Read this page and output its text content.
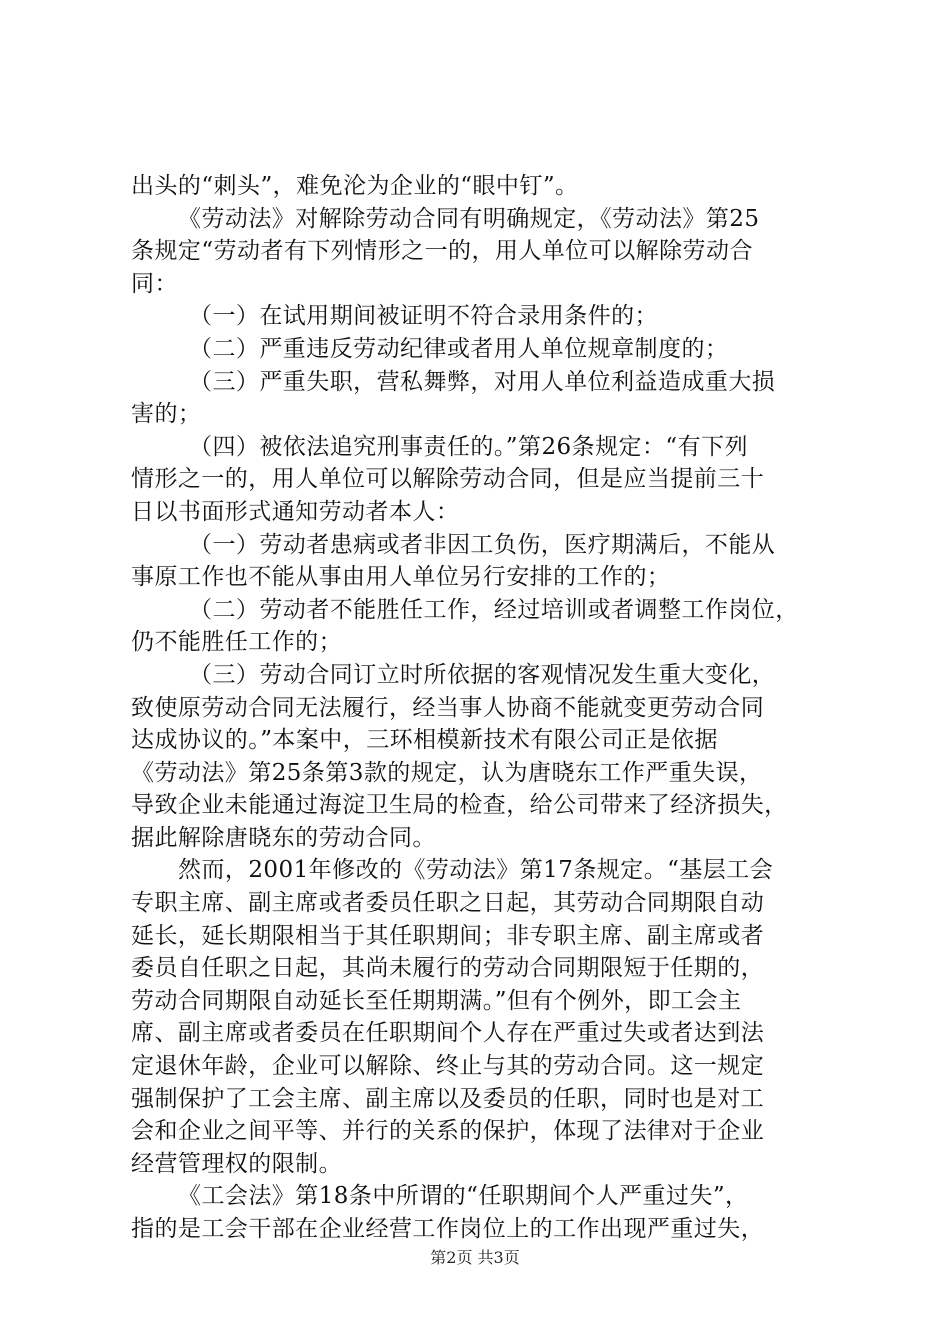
出头的“刺头”，难免沦为企业的“眼中钉”。
《劳动法》对解除劳动合同有明确规定，《劳动法》第25
条规定“劳动者有下列情形之一的，用人单位可以解除劳动合
同：
（一）在试用期间被证明不符合录用条件的；
（二）严重违反劳动纪律或者用人单位规章制度的；
（三）严重失职，营私舞弊，对用人单位利益造成重大损
害的；
（四）被依法追究刑事责任的。”第26条规定：“有下列
情形之一的，用人单位可以解除劳动合同，但是应当提前三十
日以书面形式通知劳动者本人：
（一）劳动者患病或者非因工负伤，医疗期满后，不能从
事原工作也不能从事由用人单位另行安排的工作的；
（二）劳动者不能胜任工作，经过培训或者调整工作岗位，
仍不能胜任工作的；
（三）劳动合同订立时所依据的客观情况发生重大变化，
致使原劳动合同无法履行，经当事人协商不能就变更劳动合同
达成协议的。”本案中，三环相模新技术有限公司正是依据
《劳动法》第25条第3款的规定，认为唐晓东工作严重失误，
导致企业未能通过海淀卫生局的检查，给公司带来了经济损失，
据此解除唐晓东的劳动合同。
然而，2001年修改的《劳动法》第17条规定。“基层工会
专职主席、副主席或者委员任职之日起，其劳动合同期限自动
延长，延长期限相当于其任职期间；非专职主席、副主席或者
委员自任职之日起，其尚未履行的劳动合同期限短于任期的，
劳动合同期限自动延长至任期期满。”但有个例外，即工会主
席、副主席或者委员在任职期间个人存在严重过失或者达到法
定退休年龄，企业可以解除、终止与其的劳动合同。这一规定
强制保护了工会主席、副主席以及委员的任职，同时也是对工
会和企业之间平等、并行的关系的保护，体现了法律对于企业
经营管理权的限制。
《工会法》第18条中所谓的“任职期间个人严重过失”，
指的是工会干部在企业经营工作岗位上的工作出现严重过失，
第2页 共3页
